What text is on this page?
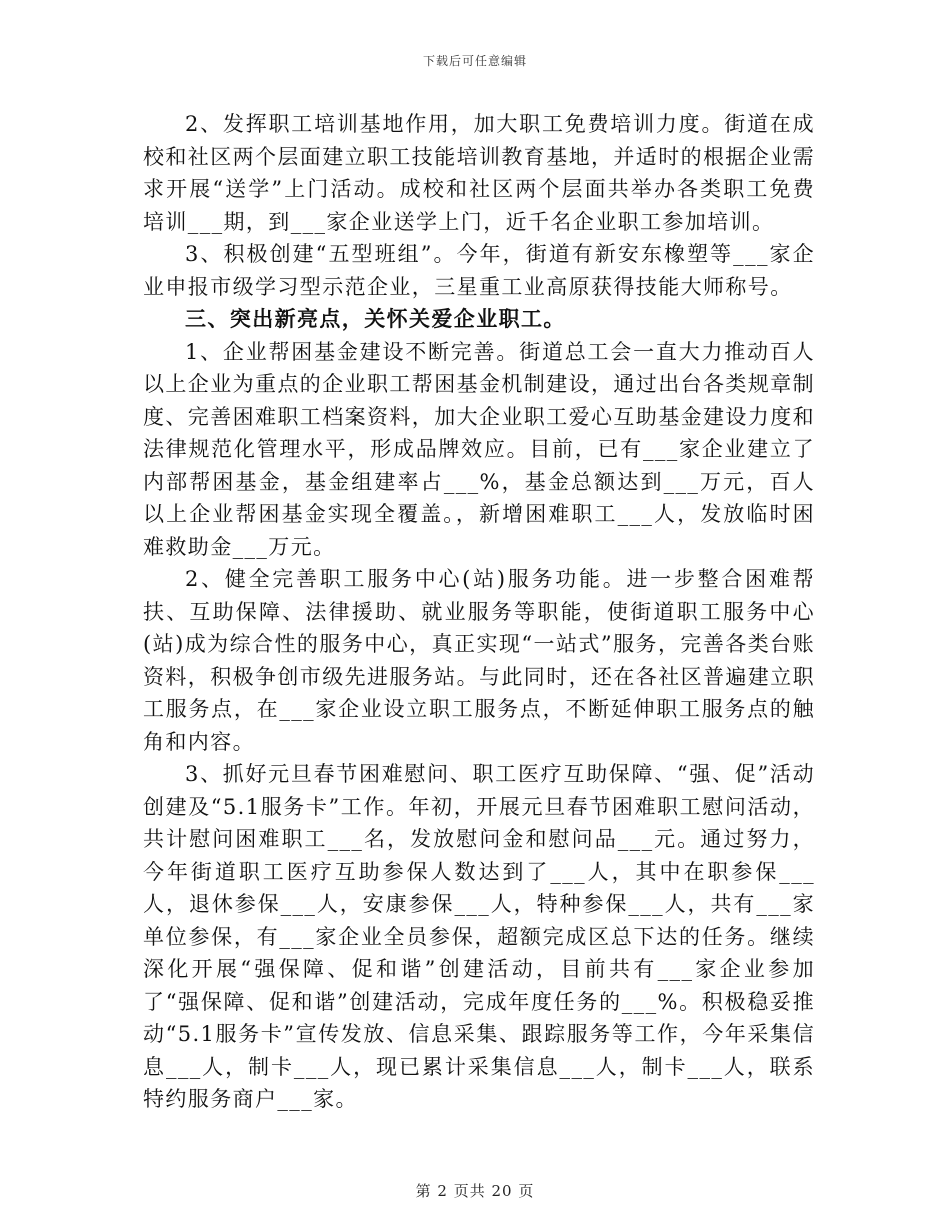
下载后可任意编辑

2、发挥职工培训基地作用，加大职工免费培训力度。街道在成校和社区两个层面建立职工技能培训教育基地，并适时的根据企业需求开展“送学”上门活动。成校和社区两个层面共举办各类职工免费培训___期，到___家企业送学上门，近千名企业职工参加培训。

3、积极创建“五型班组”。今年，街道有新安东橡塑等___家企业申报市级学习型示范企业，三星重工业高原获得技能大师称号。

三、突出新亮点，关怀关爱企业职工。

1、企业帮困基金建设不断完善。街道总工会一直大力推动百人以上企业为重点的企业职工帮困基金机制建设，通过出台各类规章制度、完善困难职工档案资料，加大企业职工爱心互助基金建设力度和法律规范化管理水平，形成品牌效应。目前，已有___家企业建立了内部帮困基金，基金组建率占___%，基金总额达到___万元，百人以上企业帮困基金实现全覆盖。，新增困难职工___人，发放临时困难救助金___万元。

2、健全完善职工服务中心(站)服务功能。进一步整合困难帮扶、互助保障、法律援助、就业服务等职能，使街道职工服务中心(站)成为综合性的服务中心，真正实现“一站式”服务，完善各类台账资料，积极争创市级先进服务站。与此同时，还在各社区普遍建立职工服务点，在___家企业设立职工服务点，不断延伸职工服务点的触角和内容。

3、抓好元旦春节困难慰问、职工医疗互助保障、“强、促”活动创建及“5.1服务卡”工作。年初，开展元旦春节困难职工慰问活动，共计慰问困难职工___名，发放慰问金和慰问品___元。通过努力，今年街道职工医疗互助参保人数达到了___人，其中在职参保___人，退休参保___人，安康参保___人，特种参保___人，共有___家单位参保，有___家企业全员参保，超额完成区总下达的任务。继续深化开展“强保障、促和谐”创建活动，目前共有___家企业参加了“强保障、促和谐”创建活动，完成年度任务的___%。积极稳妥推动“5.1服务卡”宣传发放、信息采集、跟踪服务等工作，今年采集信息___人，制卡___人，现已累计采集信息___人，制卡___人，联系特约服务商户___家。

第 2 页共 20 页
